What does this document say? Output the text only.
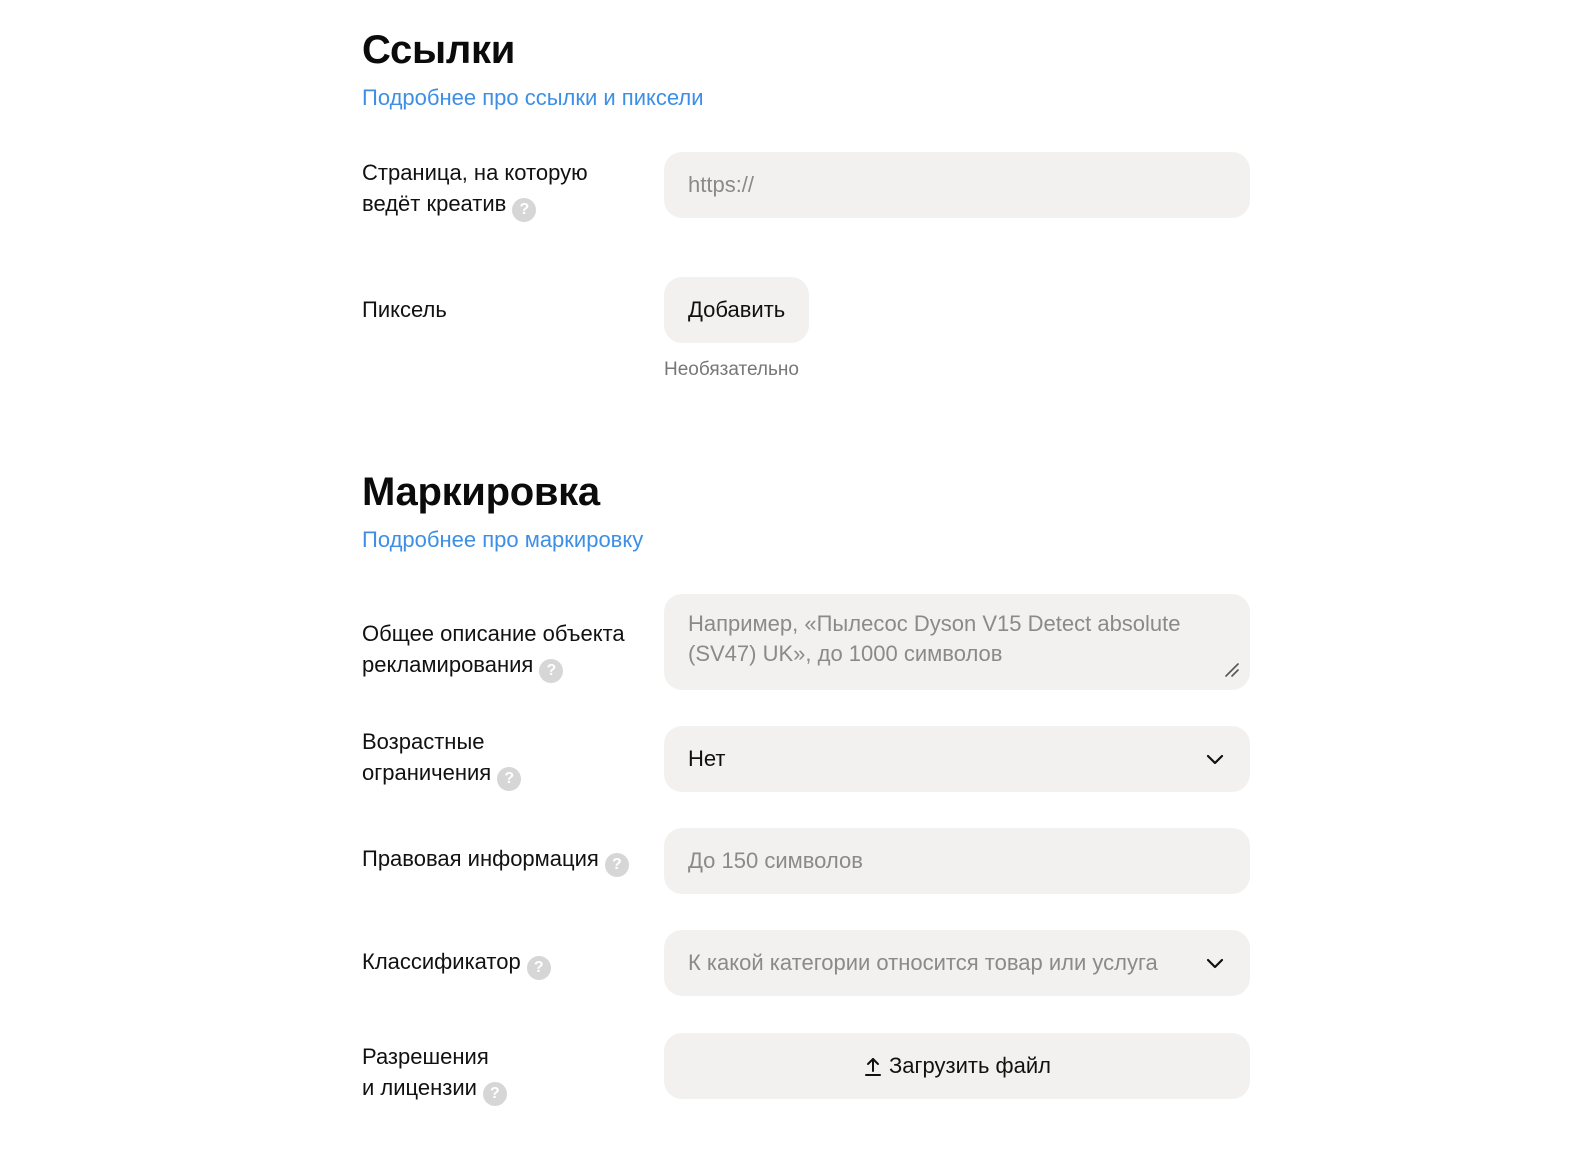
Ссылки
Подробнее про ссылки и пиксели
Страница, на которую
ведёт креатив ?
https://
Пиксель	Добавить
Необязательно
Маркировка
Подробнее про маркировку
Общее описание объекта
рекламирования ?
Например, «Пылесос Dyson V15 Detect absolute (SV47) UK», до 1000 символов
Возрастные
ограничения ?
Нет
Правовая информация ?
До 150 символов
Классификатор ?	К какой категории относится товар или услуга
Разрешения
и лицензии ?
Загрузить файл
